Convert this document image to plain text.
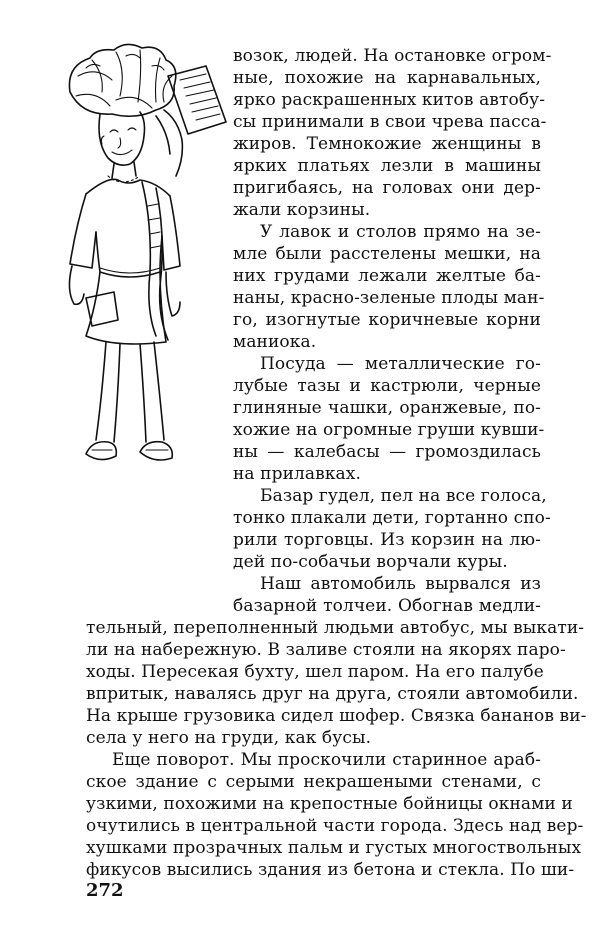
возок, людей. На остановке огром-
ные, похожие на карнавальных,
ярко раскрашенных китов автобу-
сы принимали в свои чрева пасса-
жиров. Темнокожие женщины в
ярких платьях лезли в машины
пригибаясь, на головах они дер-
жали корзины.
У лавок и столов прямо на зе-
мле были расстелены мешки, на
них грудами лежали желтые ба-
наны, красно-зеленые плоды ман-
го, изогнутые коричневые корни
маниока.
Посуда — металлические го-
лубые тазы и кастрюли, черные
глиняные чашки, оранжевые, по-
хожие на огромные груши кувши-
ны — калебасы — громоздилась
на прилавках.
Базар гудел, пел на все голоса,
тонко плакали дети, гортанно спо-
рили торговцы. Из корзин на лю-
дей по-собачьи ворчали куры.
Наш автомобиль вырвался из
базарной толчеи. Обогнав медли-
тельный, переполненный людьми автобус, мы выкати-
ли на набережную. В заливе стояли на якорях паро-
ходы. Пересекая бухту, шел паром. На его палубе
впритык, навалясь друг на друга, стояли автомобили.
На крыше грузовика сидел шофер. Связка бананов ви-
села у него на груди, как бусы.
Еще поворот. Мы проскочили старинное араб-
ское здание с серыми некрашеными стенами, с
узкими, похожими на крепостные бойницы окнами и
очутились в центральной части города. Здесь над вер-
хушками прозрачных пальм и густых многоствольных
фикусов высились здания из бетона и стекла. По ши-
272
